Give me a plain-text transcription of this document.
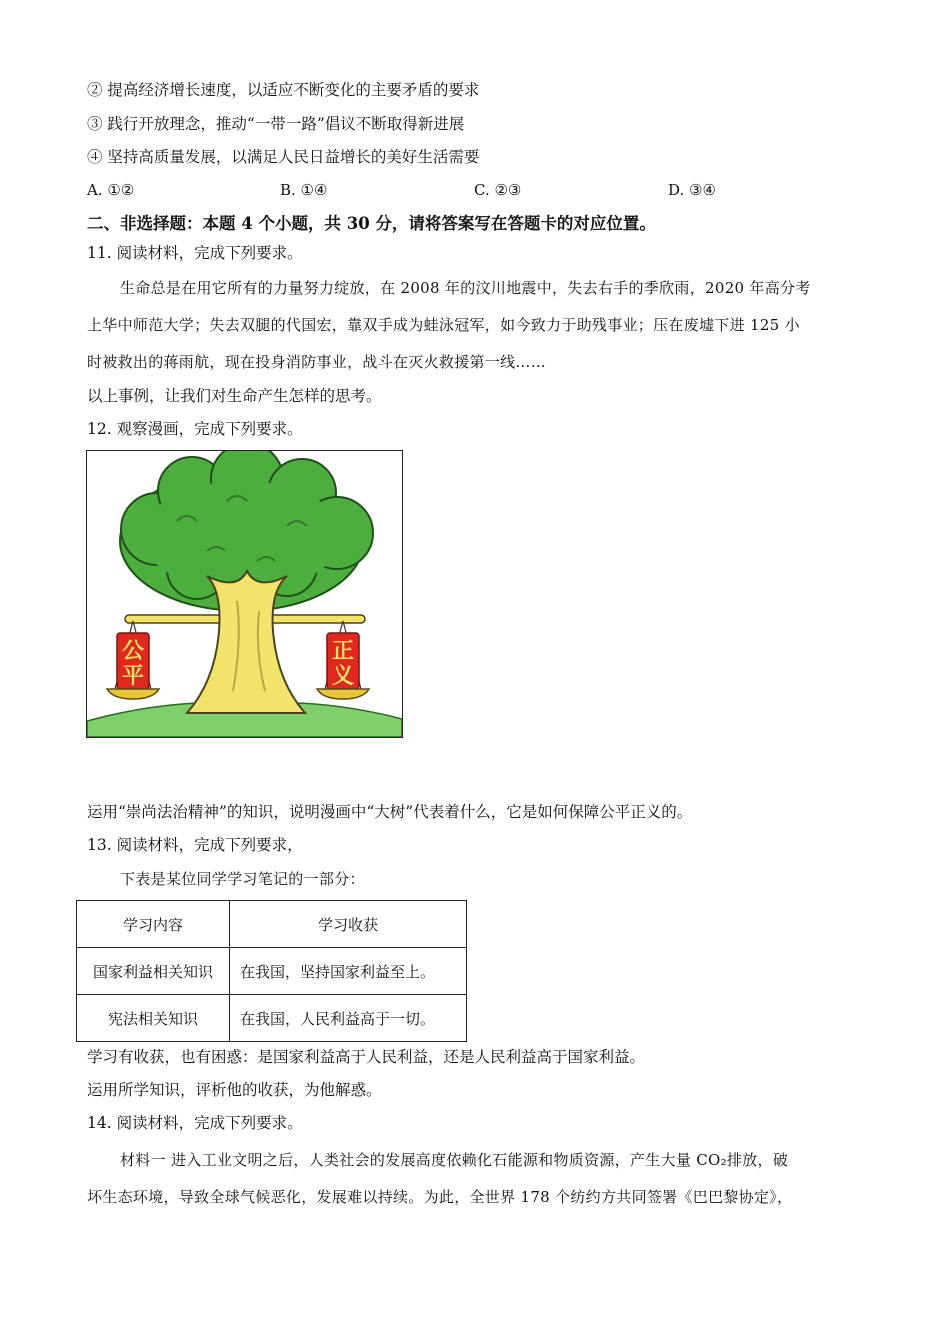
② 提高经济增长速度，以适应不断变化的主要矛盾的要求
③ 践行开放理念，推动“一带一路”倡议不断取得新进展
④ 坚持高质量发展，以满足人民日益增长的美好生活需要
A. ①②	B. ①④	C. ②③	D. ③④
二、非选择题：本题 4 个小题，共 30 分，请将答案写在答题卡的对应位置。
11. 阅读材料，完成下列要求。
生命总是在用它所有的力量努力绽放，在 2008 年的汶川地震中，失去右手的季欣雨，2020 年高分考
上华中师范大学；失去双腿的代国宏，靠双手成为蛙泳冠军，如今致力于助残事业；压在废墟下进 125 小
时被救出的蒋雨航，现在投身消防事业，战斗在灭火救援第一线……
以上事例，让我们对生命产生怎样的思考。
12. 观察漫画，完成下列要求。
公
平
正
义
运用“崇尚法治精神”的知识，说明漫画中“大树”代表着什么，它是如何保障公平正义的。
13. 阅读材料，完成下列要求，
下表是某位同学学习笔记的一部分：
学习内容	学习收获
国家利益相关知识	在我国，坚持国家利益至上。
宪法相关知识	在我国，人民利益高于一切。
学习有收获，也有困惑：是国家利益高于人民利益，还是人民利益高于国家利益。
运用所学知识，评析他的收获，为他解惑。
14. 阅读材料，完成下列要求。
材料一 进入工业文明之后，人类社会的发展高度依赖化石能源和物质资源，产生大量 CO₂排放，破
坏生态环境，导致全球气候恶化，发展难以持续。为此，全世界 178 个纺约方共同签署《巴巴黎协定》，
